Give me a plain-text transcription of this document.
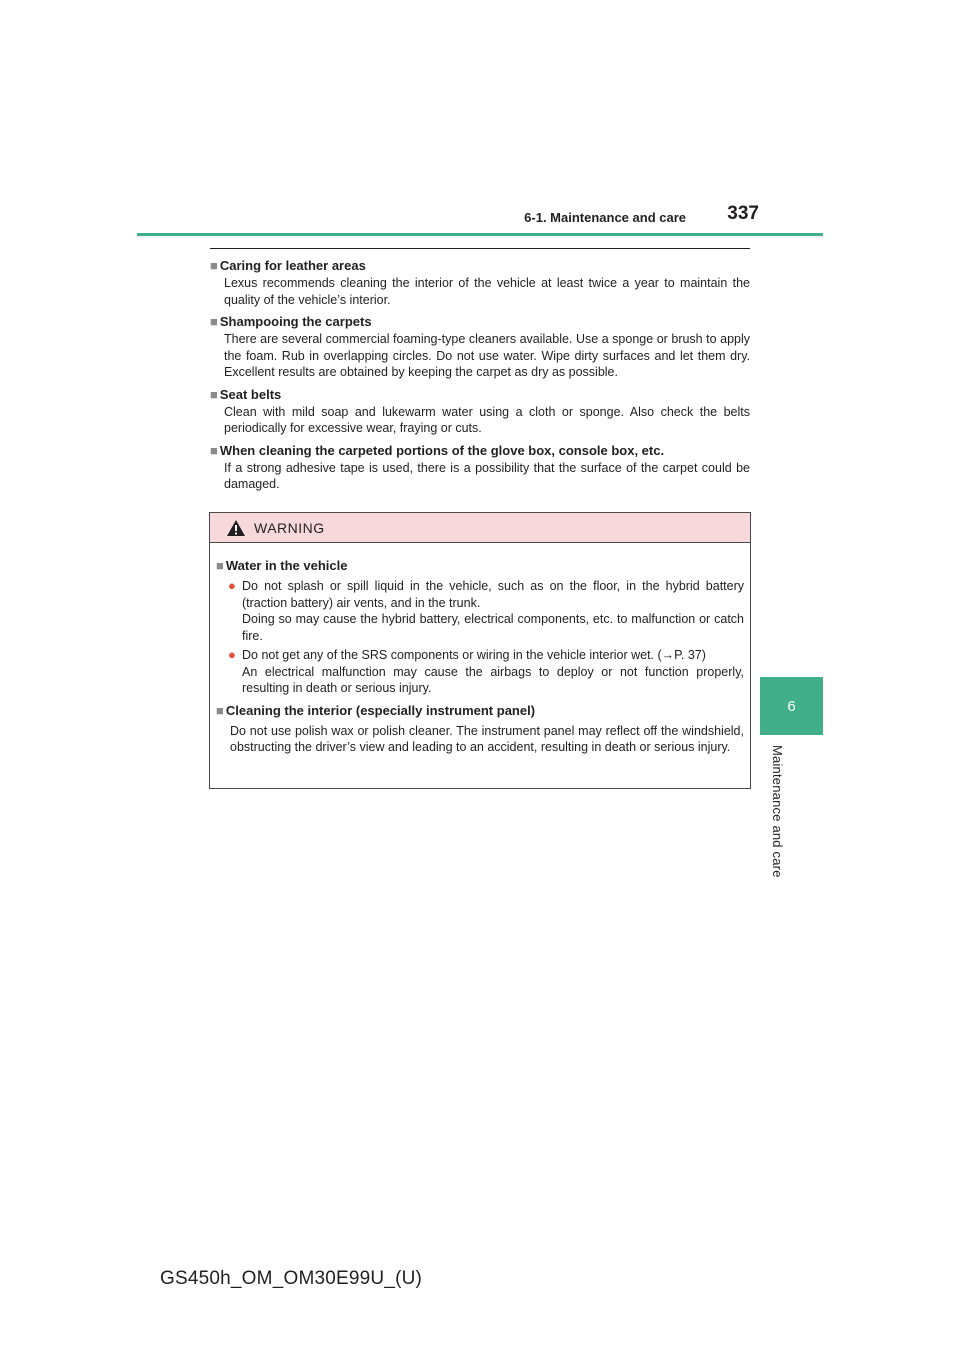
6-1. Maintenance and care 337
6
Maintenance and care
■ Caring for leather areas
Lexus recommends cleaning the interior of the vehicle at least twice a year to maintain the quality of the vehicle’s interior.
■ Shampooing the carpets
There are several commercial foaming-type cleaners available. Use a sponge or brush to apply the foam. Rub in overlapping circles. Do not use water. Wipe dirty surfaces and let them dry. Excellent results are obtained by keeping the carpet as dry as possible.
■ Seat belts
Clean with mild soap and lukewarm water using a cloth or sponge. Also check the belts periodically for excessive wear, fraying or cuts.
■ When cleaning the carpeted portions of the glove box, console box, etc.
If a strong adhesive tape is used, there is a possibility that the surface of the carpet could be damaged.
WARNING
■ Water in the vehicle
● Do not splash or spill liquid in the vehicle, such as on the floor, in the hybrid battery (traction battery) air vents, and in the trunk.
Doing so may cause the hybrid battery, electrical components, etc. to malfunction or catch fire.
● Do not get any of the SRS components or wiring in the vehicle interior wet. (→P. 37)
An electrical malfunction may cause the airbags to deploy or not function properly, resulting in death or serious injury.
■ Cleaning the interior (especially instrument panel)
Do not use polish wax or polish cleaner. The instrument panel may reflect off the windshield, obstructing the driver’s view and leading to an accident, resulting in death or serious injury.
GS450h_OM_OM30E99U_(U)
